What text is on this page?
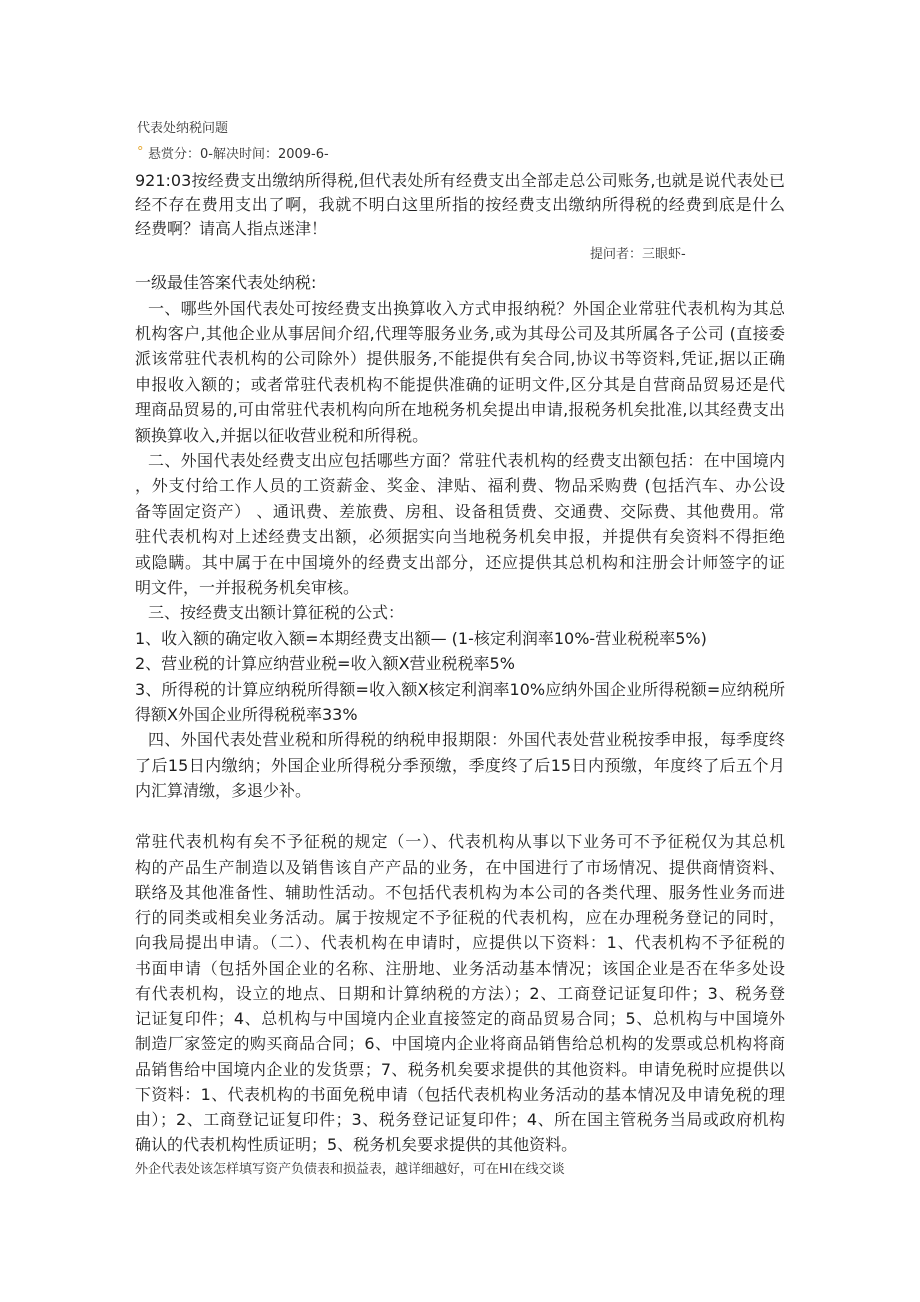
代表处纳税问题
° 悬赏分：0-解决时间：2009-6-
921:03按经费支出缴纳所得税,但代表处所有经费支出全部走总公司账务,也就是说代表处已
经不存在费用支出了啊，我就不明白这里所指的按经费支出缴纳所得税的经费到底是什么
经费啊？请高人指点迷津！
提问者：三眼虾-
一级最佳答案代表处纳税:
一、哪些外国代表处可按经费支出换算收入方式申报纳税？外国企业常驻代表机构为其总
机构客户,其他企业从事居间介绍,代理等服务业务,或为其母公司及其所属各子公司 (直接委
派该常驻代表机构的公司除外）提供服务,不能提供有矣合同,协议书等资料,凭证,据以正确
申报收入额的；或者常驻代表机构不能提供准确的证明文件,区分其是自营商品贸易还是代
理商品贸易的,可由常驻代表机构向所在地税务机矣提出申请,报税务机矣批准,以其经费支出
额换算收入,并据以征收营业税和所得税。
二、外国代表处经费支出应包括哪些方面？常驻代表机构的经费支出额包括：在中国境内
，外支付给工作人员的工资薪金、奖金、津贴、福利费、物品采购费 (包括汽车、办公设
备等固定资产） 、通讯费、差旅费、房租、设备租赁费、交通费、交际费、其他费用。常
驻代表机构对上述经费支出额，必须据实向当地税务机矣申报，并提供有矣资料不得拒绝
或隐瞒。其中属于在中国境外的经费支出部分，还应提供其总机构和注册会计师签字的证
明文件，一并报税务机矣审核。
三、按经费支出额计算征税的公式：
1、收入额的确定收入额=本期经费支出额— (1-核定利润率10%-营业税税率5%)
2、营业税的计算应纳营业税=收入额X营业税税率5%
3、所得税的计算应纳税所得额=收入额X核定利润率10%应纳外国企业所得税额=应纳税所
得额X外国企业所得税税率33%
四、外国代表处营业税和所得税的纳税申报期限：外国代表处营业税按季申报，每季度终
了后15日内缴纳；外国企业所得税分季预缴，季度终了后15日内预缴，年度终了后五个月
内汇算清缴，多退少补。
常驻代表机构有矣不予征税的规定（一）、代表机构从事以下业务可不予征税仅为其总机
构的产品生产制造以及销售该自产产品的业务，在中国进行了市场情况、提供商情资料、
联络及其他准备性、辅助性活动。不包括代表机构为本公司的各类代理、服务性业务而进
行的同类或相矣业务活动。属于按规定不予征税的代表机构，应在办理税务登记的同时，
向我局提出申请。（二）、代表机构在申请时，应提供以下资料：1、代表机构不予征税的
书面申请（包括外国企业的名称、注册地、业务活动基本情况；该国企业是否在华多处设
有代表机构，设立的地点、日期和计算纳税的方法）；2、工商登记证复印件；3、税务登
记证复印件；4、总机构与中国境内企业直接签定的商品贸易合同；5、总机构与中国境外
制造厂家签定的购买商品合同；6、中国境内企业将商品销售给总机构的发票或总机构将商
品销售给中国境内企业的发货票；7、税务机矣要求提供的其他资料。申请免税时应提供以
下资料：1、代表机构的书面免税申请（包括代表机构业务活动的基本情况及申请免税的理
由）；2、工商登记证复印件；3、税务登记证复印件；4、所在国主管税务当局或政府机构
确认的代表机构性质证明；5、税务机矣要求提供的其他资料。
外企代表处该怎样填写资产负债表和损益表，越详细越好，可在HI在线交谈
